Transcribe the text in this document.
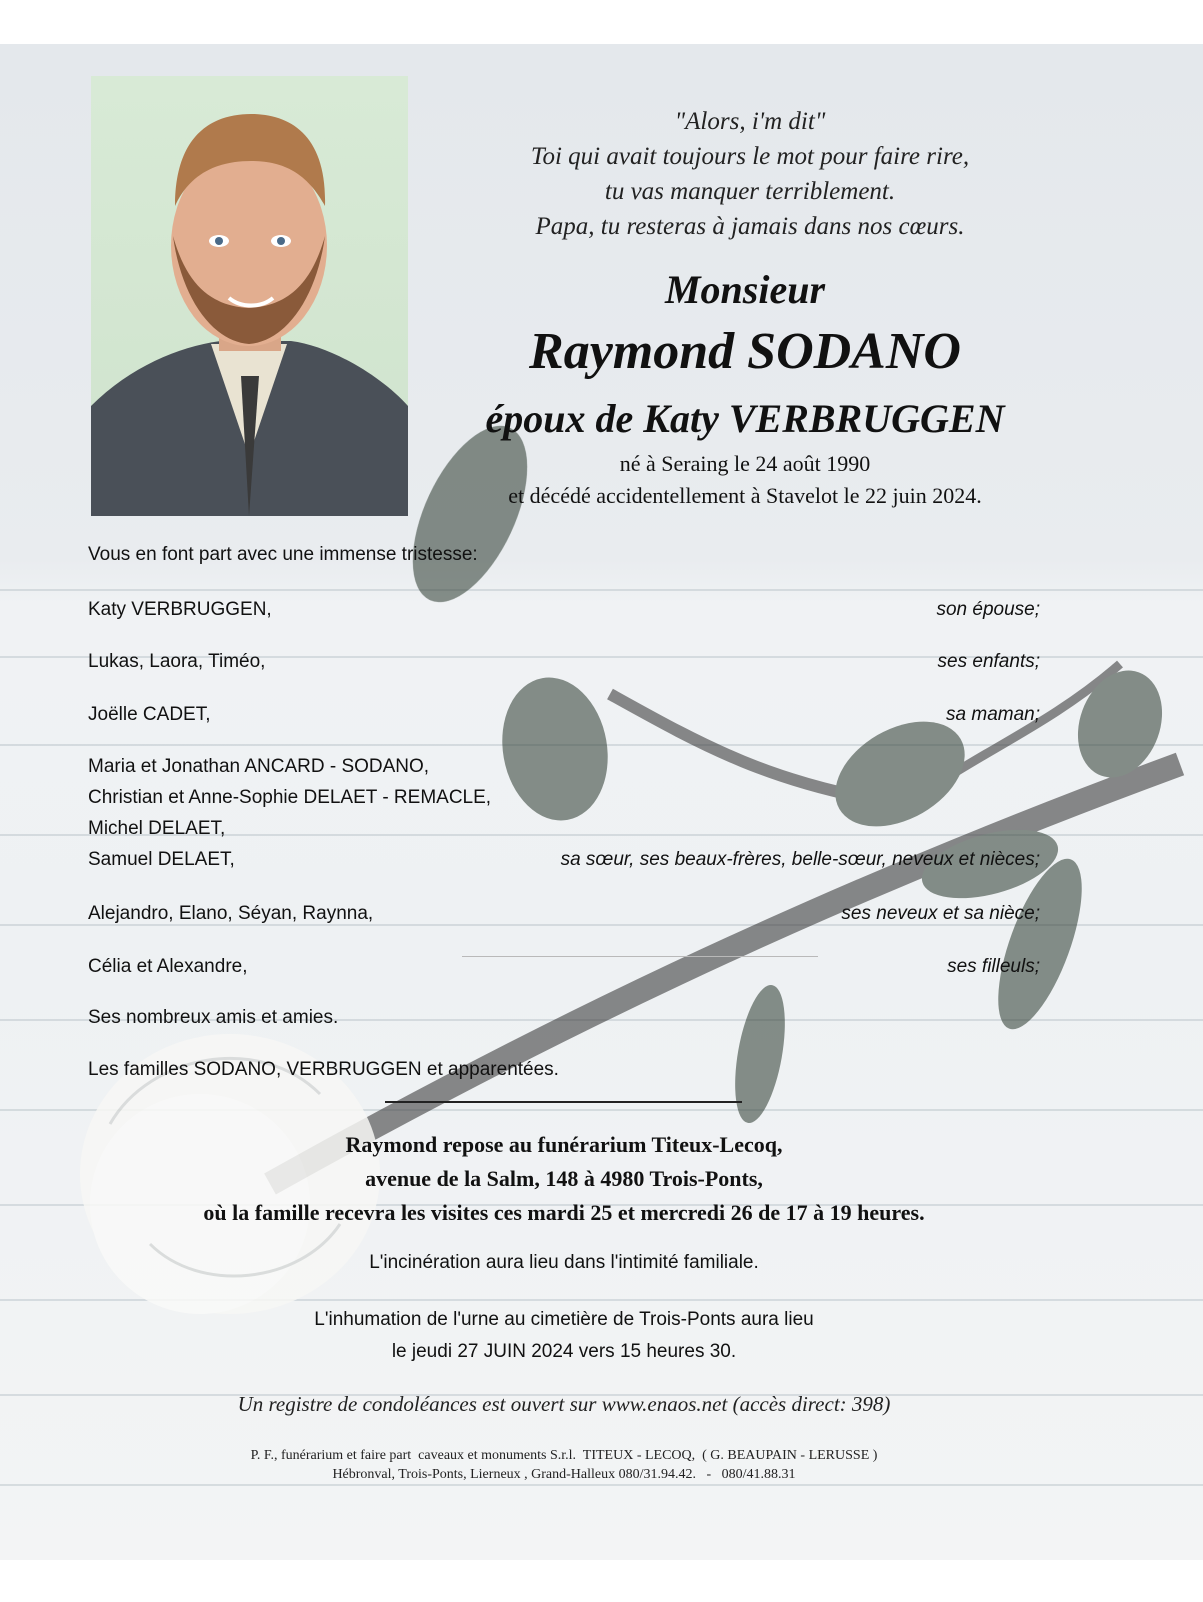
"Alors, i'm dit"
Toi qui avait toujours le mot pour faire rire,
tu vas manquer terriblement.
Papa, tu resteras à jamais dans nos cœurs.
Monsieur
Raymond SODANO
époux de Katy VERBRUGGEN
né à Seraing le 24 août 1990
et décédé accidentellement à Stavelot le 22 juin 2024.
Vous en font part avec une immense tristesse:
Katy VERBRUGGEN,	son épouse;
Lukas, Laora, Timéo,	ses enfants;
Joëlle CADET,	sa maman;
Maria et Jonathan ANCARD - SODANO,
Christian et Anne-Sophie DELAET - REMACLE,
Michel DELAET,
Samuel DELAET,	sa sœur, ses beaux-frères, belle-sœur, neveux et nièces;
Alejandro, Elano, Séyan, Raynna,	ses neveux et sa nièce;
Célia et Alexandre,	ses filleuls;
Ses nombreux amis et amies.
Les familles SODANO, VERBRUGGEN et apparentées.
Raymond repose au funérarium Titeux-Lecoq,
avenue de la Salm, 148 à 4980 Trois-Ponts,
où la famille recevra les visites ces mardi 25 et mercredi 26 de 17 à 19 heures.
L'incinération aura lieu dans l'intimité familiale.
L'inhumation de l'urne au cimetière de Trois-Ponts aura lieu
le jeudi 27 JUIN 2024 vers 15 heures 30.
Un registre de condoléances est ouvert sur www.enaos.net (accès direct: 398)
P. F., funérarium et faire part  caveaux et monuments S.r.l.  TITEUX - LECOQ,  ( G. BEAUPAIN - LERUSSE )
Hébronval, Trois-Ponts, Lierneux , Grand-Halleux 080/31.94.42.   -   080/41.88.31
